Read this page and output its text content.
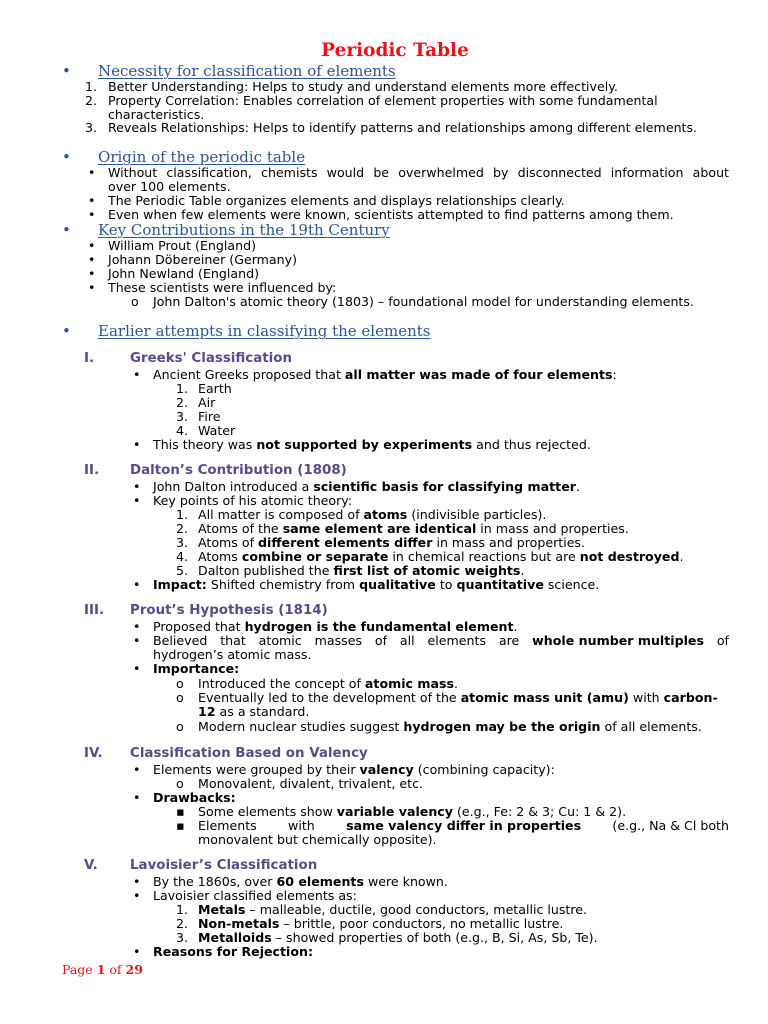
Periodic Table
• Necessity for classification of elements
1. Better Understanding: Helps to study and understand elements more effectively.
2. Property Correlation: Enables correlation of element properties with some fundamental
characteristics.
3. Reveals Relationships: Helps to identify patterns and relationships among different elements.
• Origin of the periodic table
• Without classification, chemists would be overwhelmed by disconnected information about
over 100 elements.
• The Periodic Table organizes elements and displays relationships clearly.
• Even when few elements were known, scientists attempted to find patterns among them.
• Key Contributions in the 19th Century
• William Prout (England)
• Johann Döbereiner (Germany)
• John Newland (England)
• These scientists were influenced by:
o John Dalton's atomic theory (1803) – foundational model for understanding elements.
• Earlier attempts in classifying the elements
I.	Greeks' Classification
• Ancient Greeks proposed that all matter was made of four elements:
1. Earth
2. Air
3. Fire
4. Water
• This theory was not supported by experiments and thus rejected.
II. Dalton’s Contribution (1808)
• John Dalton introduced a scientific basis for classifying matter.
• Key points of his atomic theory:
1. All matter is composed of atoms (indivisible particles).
2. Atoms of the same element are identical in mass and properties.
3. Atoms of different elements differ in mass and properties.
4. Atoms combine or separate in chemical reactions but are not destroyed.
5. Dalton published the first list of atomic weights.
• Impact: Shifted chemistry from qualitative to quantitative science.
III. Prout’s Hypothesis (1814)
• Proposed that hydrogen is the fundamental element.
• Believed that atomic masses of all elements are whole number multiples of
hydrogen’s atomic mass.
• Importance:
o Introduced the concept of atomic mass.
o Eventually led to the development of the atomic mass unit (amu) with carbon-
12 as a standard.
o Modern nuclear studies suggest hydrogen may be the origin of all elements.
IV. Classification Based on Valency
• Elements were grouped by their valency (combining capacity):
o Monovalent, divalent, trivalent, etc.
• Drawbacks:
▪ Some elements show variable valency (e.g., Fe: 2 & 3; Cu: 1 & 2).
▪ Elements with same valency differ in properties (e.g., Na & Cl both
monovalent but chemically opposite).
V. Lavoisier’s Classification
• By the 1860s, over 60 elements were known.
• Lavoisier classified elements as:
1. Metals – malleable, ductile, good conductors, metallic lustre.
2. Non-metals – brittle, poor conductors, no metallic lustre.
3. Metalloids – showed properties of both (e.g., B, Si, As, Sb, Te).
• Reasons for Rejection:
Page 1 of 29
